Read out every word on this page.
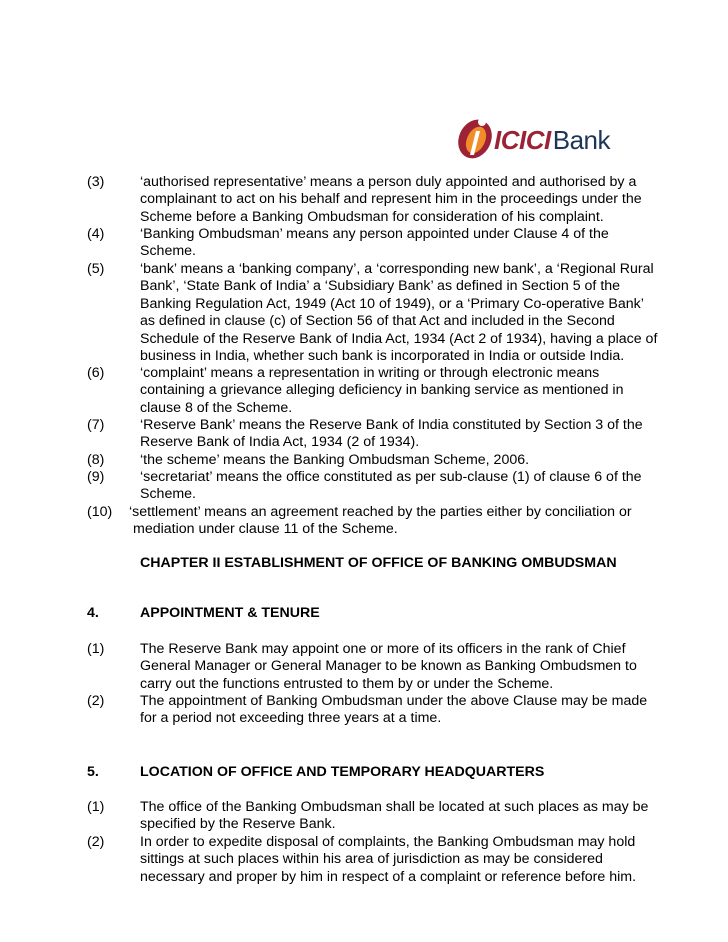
ICICIBank
(3)	‘authorised representative’ means a person duly appointed and authorised by a
complainant to act on his behalf and represent him in the proceedings under the
Scheme before a Banking Ombudsman for consideration of his complaint.
(4)	‘Banking Ombudsman’ means any person appointed under Clause 4 of the
Scheme.
(5)	‘bank’ means a ‘banking company’, a ‘corresponding new bank’, a ‘Regional Rural
Bank’, ‘State Bank of India’ a ‘Subsidiary Bank’ as defined in Section 5 of the
Banking Regulation Act, 1949 (Act 10 of 1949), or a ‘Primary Co-operative Bank’
as defined in clause (c) of Section 56 of that Act and included in the Second
Schedule of the Reserve Bank of India Act, 1934 (Act 2 of 1934), having a place of
business in India, whether such bank is incorporated in India or outside India.
(6)	‘complaint’ means a representation in writing or through electronic means
containing a grievance alleging deficiency in banking service as mentioned in
clause 8 of the Scheme.
(7)	‘Reserve Bank’ means the Reserve Bank of India constituted by Section 3 of the
Reserve Bank of India Act, 1934 (2 of 1934).
(8)	‘the scheme’ means the Banking Ombudsman Scheme, 2006.
(9)	‘secretariat’ means the office constituted as per sub-clause (1) of clause 6 of the
Scheme.
(10) ‘settlement’ means an agreement reached by the parties either by conciliation or
mediation under clause 11 of the Scheme.
CHAPTER II ESTABLISHMENT OF OFFICE OF BANKING OMBUDSMAN
4.	APPOINTMENT & TENURE
(1)	The Reserve Bank may appoint one or more of its officers in the rank of Chief
General Manager or General Manager to be known as Banking Ombudsmen to
carry out the functions entrusted to them by or under the Scheme.
(2)	The appointment of Banking Ombudsman under the above Clause may be made
for a period not exceeding three years at a time.
5.	LOCATION OF OFFICE AND TEMPORARY HEADQUARTERS
(1)	The office of the Banking Ombudsman shall be located at such places as may be
specified by the Reserve Bank.
(2)	In order to expedite disposal of complaints, the Banking Ombudsman may hold
sittings at such places within his area of jurisdiction as may be considered
necessary and proper by him in respect of a complaint or reference before him.
